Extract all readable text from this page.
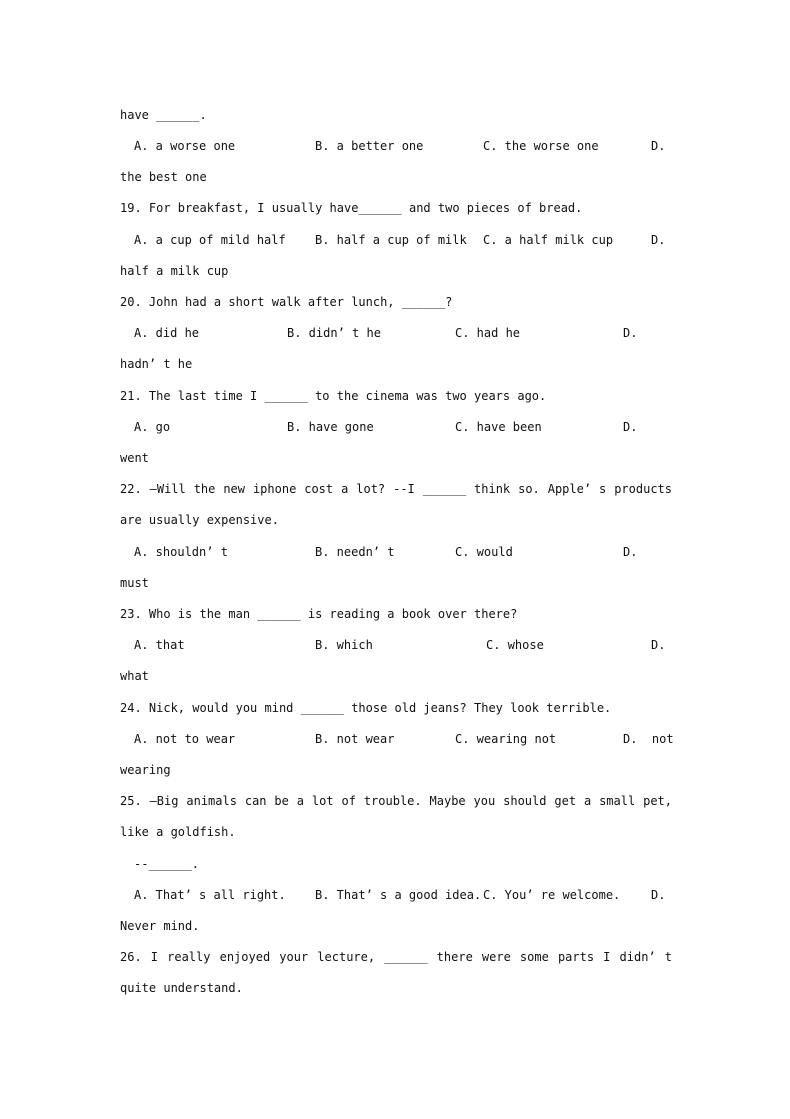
have ______.
A. a worse one	B. a better one	C. the worse one	D.
the best one
19. For breakfast, I usually have______ and two pieces of bread.
A. a cup of mild half B. half a cup of milk C. a half milk cup	D.
half a milk cup
20. John had a short walk after lunch, ______?
A. did he	B. didn’ t he	C. had he	D.
hadn’ t he
21. The last time I ______ to the cinema was two years ago.
A. go	B. have gone	C. have been	D.
went
22. –Will the new iphone cost a lot? --I ______ think so. Apple’ s products
are usually expensive.
A. shouldn’ t	B. needn’ t	C. would	D.
must
23. Who is the man ______ is reading a book over there?
A. that	B. which	C. whose	D.
what
24. Nick, would you mind ______ those old jeans? They look terrible.
A. not to wear	B. not wear	C. wearing not	D.  not
wearing
25. –Big animals can be a lot of trouble. Maybe you should get a small pet,
like a goldfish.
--______.
A. That’ s all right. B. That’ s a good idea. C. You’ re welcome.	D.
Never mind.
26. I really enjoyed your lecture, ______ there were some parts I didn’ t
quite understand.
